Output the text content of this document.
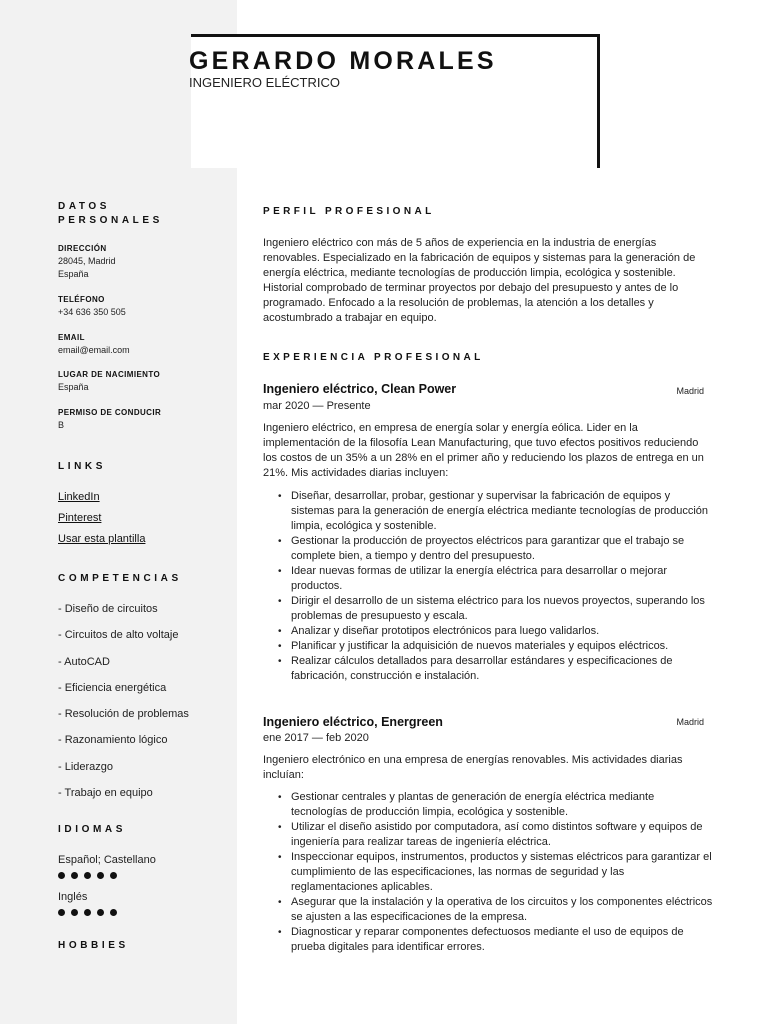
GERARDO MORALES
INGENIERO ELÉCTRICO
DATOS
PERSONALES
DIRECCIÓN
28045, Madrid
España
TELÉFONO
+34 636 350 505
EMAIL
email@email.com
LUGAR DE NACIMIENTO
España
PERMISO DE CONDUCIR
B
LINKS
LinkedIn
Pinterest
Usar esta plantilla
COMPETENCIAS
- Diseño de circuitos
- Circuitos de alto voltaje
- AutoCAD
- Eficiencia energética
- Resolución de problemas
- Razonamiento lógico
- Liderazgo
- Trabajo en equipo
IDIOMAS
Español; Castellano
Inglés
HOBBIES
PERFIL PROFESIONAL
Ingeniero eléctrico con más de 5 años de experiencia en la industria de energías renovables. Especializado en la fabricación de equipos y sistemas para la generación de energía eléctrica, mediante tecnologías de producción limpia, ecológica y sostenible. Historial comprobado de terminar proyectos por debajo del presupuesto y antes de lo programado. Enfocado a la resolución de problemas, la atención a los detalles y acostumbrado a trabajar en equipo.
EXPERIENCIA PROFESIONAL
Ingeniero eléctrico, Clean Power	Madrid
mar 2020 — Presente
Ingeniero eléctrico, en empresa de energía solar y energía eólica. Lider en la implementación de la filosofía Lean Manufacturing, que tuvo efectos positivos reduciendo los costos de un 35% a un 28% en el primer año y reduciendo los plazos de entrega en un 21%. Mis actividades diarias incluyen:
• Diseñar, desarrollar, probar, gestionar y supervisar la fabricación de equipos y sistemas para la generación de energía eléctrica mediante tecnologías de producción limpia, ecológica y sostenible.
• Gestionar la producción de proyectos eléctricos para garantizar que el trabajo se complete bien, a tiempo y dentro del presupuesto.
• Idear nuevas formas de utilizar la energía eléctrica para desarrollar o mejorar productos.
• Dirigir el desarrollo de un sistema eléctrico para los nuevos proyectos, superando los problemas de presupuesto y escala.
• Analizar y diseñar prototipos electrónicos para luego validarlos.
• Planificar y justificar la adquisición de nuevos materiales y equipos eléctricos.
• Realizar cálculos detallados para desarrollar estándares y especificaciones de fabricación, construcción e instalación.
Ingeniero eléctrico, Energreen	Madrid
ene 2017 — feb 2020
Ingeniero electrónico en una empresa de energías renovables. Mis actividades diarias incluían:
• Gestionar centrales y plantas de generación de energía eléctrica mediante tecnologías de producción limpia, ecológica y sostenible.
• Utilizar el diseño asistido por computadora, así como distintos software y equipos de ingeniería para realizar tareas de ingeniería eléctrica.
• Inspeccionar equipos, instrumentos, productos y sistemas eléctricos para garantizar el cumplimiento de las especificaciones, las normas de seguridad y las reglamentaciones aplicables.
• Asegurar que la instalación y la operativa de los circuitos y los componentes eléctricos se ajusten a las especificaciones de la empresa.
• Diagnosticar y reparar componentes defectuosos mediante el uso de equipos de prueba digitales para identificar errores.
